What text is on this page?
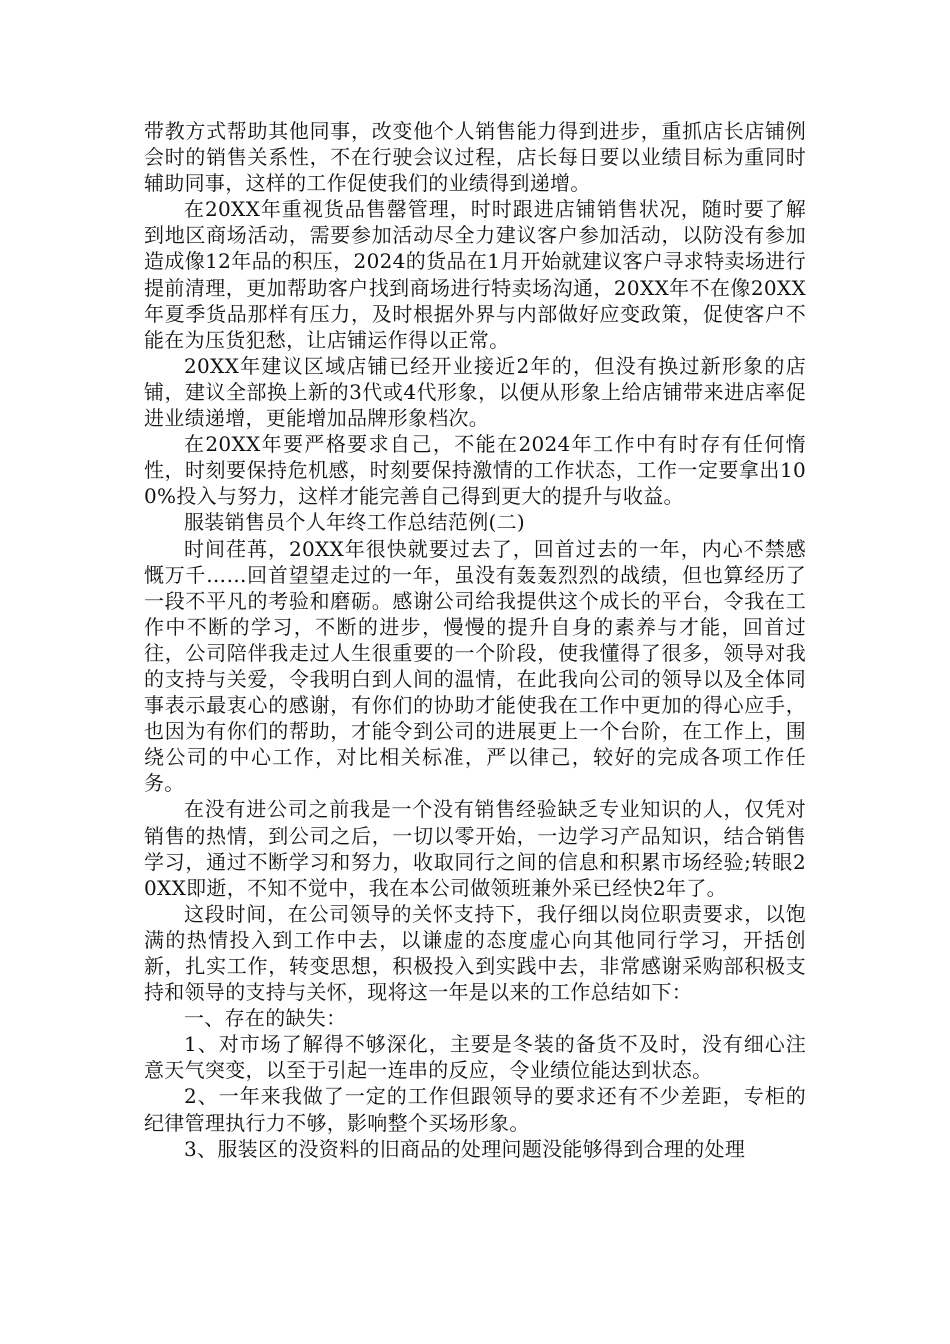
带教方式帮助其他同事，改变他个人销售能力得到进步，重抓店长店铺例会时的销售关系性，不在行驶会议过程，店长每日要以业绩目标为重同时辅助同事，这样的工作促使我们的业绩得到递增。

在20XX年重视货品售罄管理，时时跟进店铺销售状况，随时要了解到地区商场活动，需要参加活动尽全力建议客户参加活动，以防没有参加造成像12年品的积压，2024的货品在1月开始就建议客户寻求特卖场进行提前清理，更加帮助客户找到商场进行特卖场沟通，20XX年不在像20XX年夏季货品那样有压力，及时根据外界与内部做好应变政策，促使客户不能在为压货犯愁，让店铺运作得以正常。

20XX年建议区域店铺已经开业接近2年的，但没有换过新形象的店铺，建议全部换上新的3代或4代形象，以便从形象上给店铺带来进店率促进业绩递增，更能增加品牌形象档次。

在20XX年要严格要求自己，不能在2024年工作中有时存有任何惰性，时刻要保持危机感，时刻要保持激情的工作状态，工作一定要拿出100%投入与努力，这样才能完善自己得到更大的提升与收益。

服装销售员个人年终工作总结范例(二)

时间荏苒，20XX年很快就要过去了，回首过去的一年，内心不禁感慨万千……回首望望走过的一年，虽没有轰轰烈烈的战绩，但也算经历了一段不平凡的考验和磨砺。感谢公司给我提供这个成长的平台，令我在工作中不断的学习，不断的进步，慢慢的提升自身的素养与才能，回首过往，公司陪伴我走过人生很重要的一个阶段，使我懂得了很多，领导对我的支持与关爱，令我明白到人间的温情，在此我向公司的领导以及全体同事表示最衷心的感谢，有你们的协助才能使我在工作中更加的得心应手，也因为有你们的帮助，才能令到公司的进展更上一个台阶，在工作上，围绕公司的中心工作，对比相关标准，严以律己，较好的完成各项工作任务。

在没有进公司之前我是一个没有销售经验缺乏专业知识的人，仅凭对销售的热情，到公司之后，一切以零开始，一边学习产品知识，结合销售学习，通过不断学习和努力，收取同行之间的信息和积累市场经验;转眼20XX即逝，不知不觉中，我在本公司做领班兼外采已经快2年了。

这段时间，在公司领导的关怀支持下，我仔细以岗位职责要求，以饱满的热情投入到工作中去，以谦虚的态度虚心向其他同行学习，开括创新，扎实工作，转变思想，积极投入到实践中去，非常感谢采购部积极支持和领导的支持与关怀，现将这一年是以来的工作总结如下：

一、存在的缺失：

1、对市场了解得不够深化，主要是冬装的备货不及时，没有细心注意天气突变，以至于引起一连串的反应，令业绩位能达到状态。

2、一年来我做了一定的工作但跟领导的要求还有不少差距，专柜的纪律管理执行力不够，影响整个买场形象。

3、服装区的没资料的旧商品的处理问题没能够得到合理的处理
